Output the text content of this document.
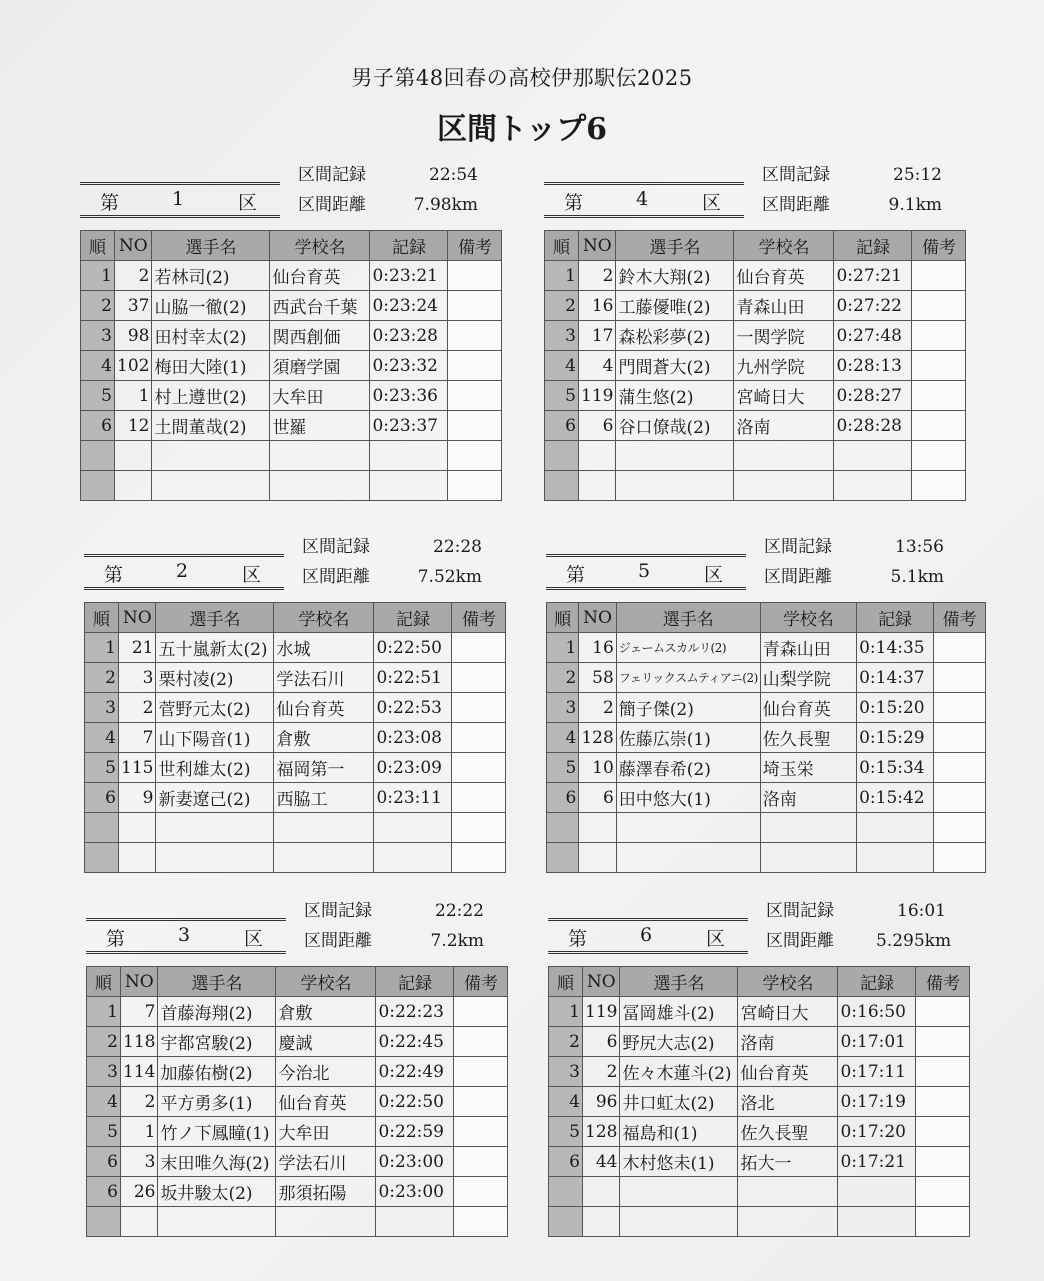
男子第48回春の高校伊那駅伝2025
区間トップ6
区間記録	22:54
区間距離	7.98km
第	1	区
順	NO	選手名	学校名	記録	備考
1	2	若林司(2)	仙台育英	0:23:21	
2	37	山脇一徹(2)	西武台千葉	0:23:24	
3	98	田村幸太(2)	関西創価	0:23:28	
4	102	梅田大陸(1)	須磨学園	0:23:32	
5	1	村上遵世(2)	大牟田	0:23:36	
6	12	土間董哉(2)	世羅	0:23:37	

区間記録	25:12
区間距離	9.1km
第	4	区
順	NO	選手名	学校名	記録	備考
1	2	鈴木大翔(2)	仙台育英	0:27:21	
2	16	工藤優唯(2)	青森山田	0:27:22	
3	17	森松彩夢(2)	一関学院	0:27:48	
4	4	門間蒼大(2)	九州学院	0:28:13	
5	119	蒲生悠(2)	宮崎日大	0:28:27	
6	6	谷口僚哉(2)	洛南	0:28:28	

区間記録	22:28
区間距離	7.52km
第	2	区
順	NO	選手名	学校名	記録	備考
1	21	五十嵐新太(2)	水城	0:22:50	
2	3	栗村凌(2)	学法石川	0:22:51	
3	2	菅野元太(2)	仙台育英	0:22:53	
4	7	山下陽音(1)	倉敷	0:23:08	
5	115	世利雄太(2)	福岡第一	0:23:09	
6	9	新妻遼己(2)	西脇工	0:23:11	

区間記録	13:56
区間距離	5.1km
第	5	区
順	NO	選手名	学校名	記録	備考
1	16	ジェームスカルリ(2)	青森山田	0:14:35	
2	58	フェリックスムティアニ(2)	山梨学院	0:14:37	
3	2	簡子傑(2)	仙台育英	0:15:20	
4	128	佐藤広崇(1)	佐久長聖	0:15:29	
5	10	藤澤春希(2)	埼玉栄	0:15:34	
6	6	田中悠大(1)	洛南	0:15:42	

区間記録	22:22
区間距離	7.2km
第	3	区
順	NO	選手名	学校名	記録	備考
1	7	首藤海翔(2)	倉敷	0:22:23	
2	118	宇都宮駿(2)	慶誠	0:22:45	
3	114	加藤佑樹(2)	今治北	0:22:49	
4	2	平方勇多(1)	仙台育英	0:22:50	
5	1	竹ノ下鳳瞳(1)	大牟田	0:22:59	
6	3	末田唯久海(2)	学法石川	0:23:00	
6	26	坂井駿太(2)	那須拓陽	0:23:00	

区間記録	16:01
区間距離 5.295km
第	6	区
順	NO	選手名	学校名	記録	備考
1	119	冨岡雄斗(2)	宮崎日大	0:16:50	
2	6	野尻大志(2)	洛南	0:17:01	
3	2	佐々木蓮斗(2)	仙台育英	0:17:11	
4	96	井口虹太(2)	洛北	0:17:19	
5	128	福島和(1)	佐久長聖	0:17:20	
6	44	木村悠未(1)	拓大一	0:17:21	
